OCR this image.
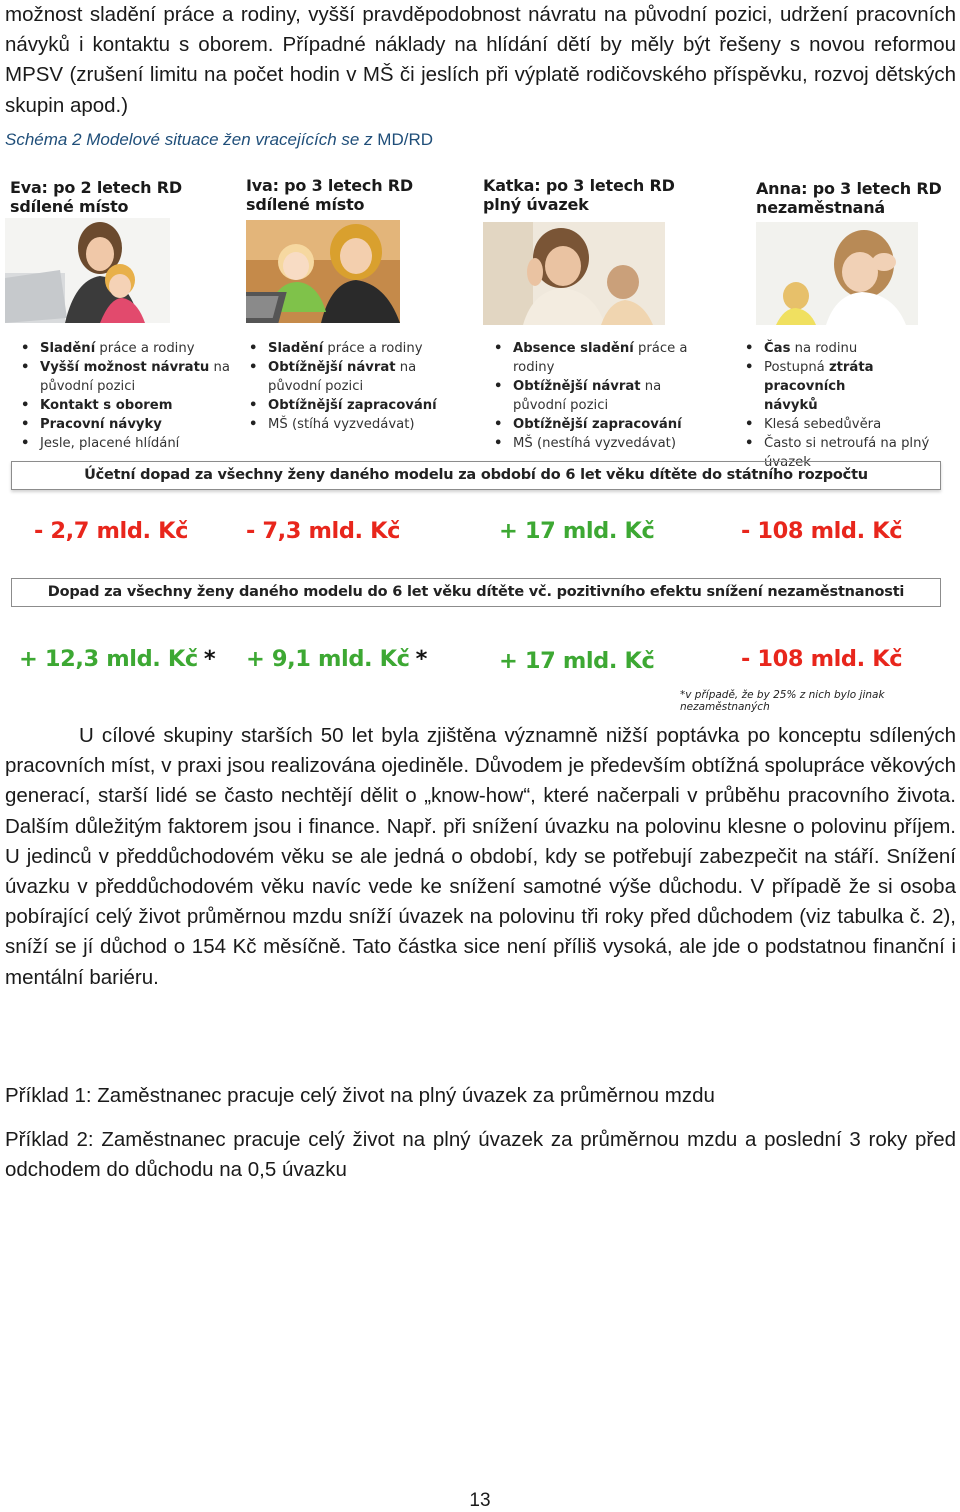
možnost sladění práce a rodiny, vyšší pravděpodobnost návratu na původní pozici, udržení pracovních návyků i kontaktu s oborem. Případné náklady na hlídání dětí by měly být řešeny s novou reformou MPSV (zrušení limitu na počet hodin v MŠ či jeslích při výplatě rodičovského příspěvku, rozvoj dětských skupin apod.)

Schéma 2 Modelové situace žen vracejících se z MD/RD
Eva: po 2 letech RD
sdílené místo
Iva: po 3 letech RD
sdílené místo
Katka: po 3 letech RD
plný úvazek
Anna: po 3 letech RD
nezaměstnaná
• Sladění práce a rodiny
• Vyšší možnost návratu na
původní pozici
• Kontakt s oborem
• Pracovní návyky
• Jesle, placené hlídání
• Sladění práce a rodiny
• Obtížnější návrat na
původní pozici
• Obtížnější zapracování
• MŠ (stíhá vyzvedávat)
• Absence sladění práce a
rodiny
• Obtížnější návrat na
původní pozici
• Obtížnější zapracování
• MŠ (nestíhá vyzvedávat)
• Čas na rodinu
• Postupná ztráta pracovních
návyků
• Klesá sebedůvěra
• Často si netroufá na plný
úvazek
Účetní dopad za všechny ženy daného modelu za období do 6 let věku dítěte do státního rozpočtu
- 2,7 mld. Kč	- 7,3 mld. Kč	+ 17 mld. Kč	- 108 mld. Kč
Dopad za všechny ženy daného modelu do 6 let věku dítěte vč. pozitivního efektu snížení nezaměstnanosti
+ 12,3 mld. Kč * + 9,1 mld. Kč *	+ 17 mld. Kč	- 108 mld. Kč
*v případě, že by 25% z nich bylo jinak nezaměstnaných

U cílové skupiny starších 50 let byla zjištěna významně nižší poptávka po konceptu sdílených pracovních míst, v praxi jsou realizována ojediněle. Důvodem je především obtížná spolupráce věkových generací, starší lidé se často nechtějí dělit o „know-how“, které načerpali v průběhu pracovního života. Dalším důležitým faktorem jsou i finance. Např. při snížení úvazku na polovinu klesne o polovinu příjem. U jedinců v předdůchodovém věku se ale jedná o období, kdy se potřebují zabezpečit na stáří. Snížení úvazku v předdůchodovém věku navíc vede ke snížení samotné výše důchodu. V případě že si osoba pobírající celý život průměrnou mzdu sníží úvazek na polovinu tři roky před důchodem (viz tabulka č. 2), sníží se jí důchod o 154 Kč měsíčně. Tato částka sice není příliš vysoká, ale jde o podstatnou finanční i mentální bariéru.

Příklad 1: Zaměstnanec pracuje celý život na plný úvazek za průměrnou mzdu

Příklad 2: Zaměstnanec pracuje celý život na plný úvazek za průměrnou mzdu a poslední 3 roky před odchodem do důchodu na 0,5 úvazku

13
